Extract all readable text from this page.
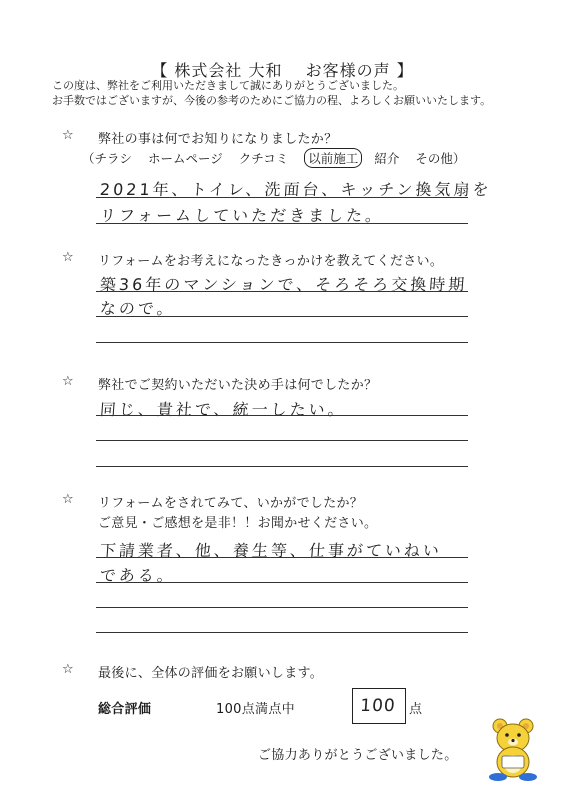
【 株式会社 大和　 お客様の声 】
この度は、弊社をご利用いただきまして誠にありがとうございました。
お手数ではございますが、今後の参考のためにご協力の程、よろしくお願いいたします。
☆ 弊社の事は何でお知りになりましたか？
（チラシ ホームページ クチコミ 以前施工 紹介 その他）
2021年、トイレ、洗面台、キッチン換気扇を
リフォームしていただきました。
☆ リフォームをお考えになったきっかけを教えてください。
築36年のマンションで、そろそろ交換時期
なので。
☆ 弊社でご契約いただいた決め手は何でしたか？
同じ、貴社で、統一したい。
☆ リフォームをされてみて、いかがでしたか？
ご意見・ご感想を是非！！お聞かせください。
下請業者、他、養生等、仕事がていねい
である。
☆ 最後に、全体の評価をお願いします。
総合評価	100点満点中	100 点
ご協力ありがとうございました。
